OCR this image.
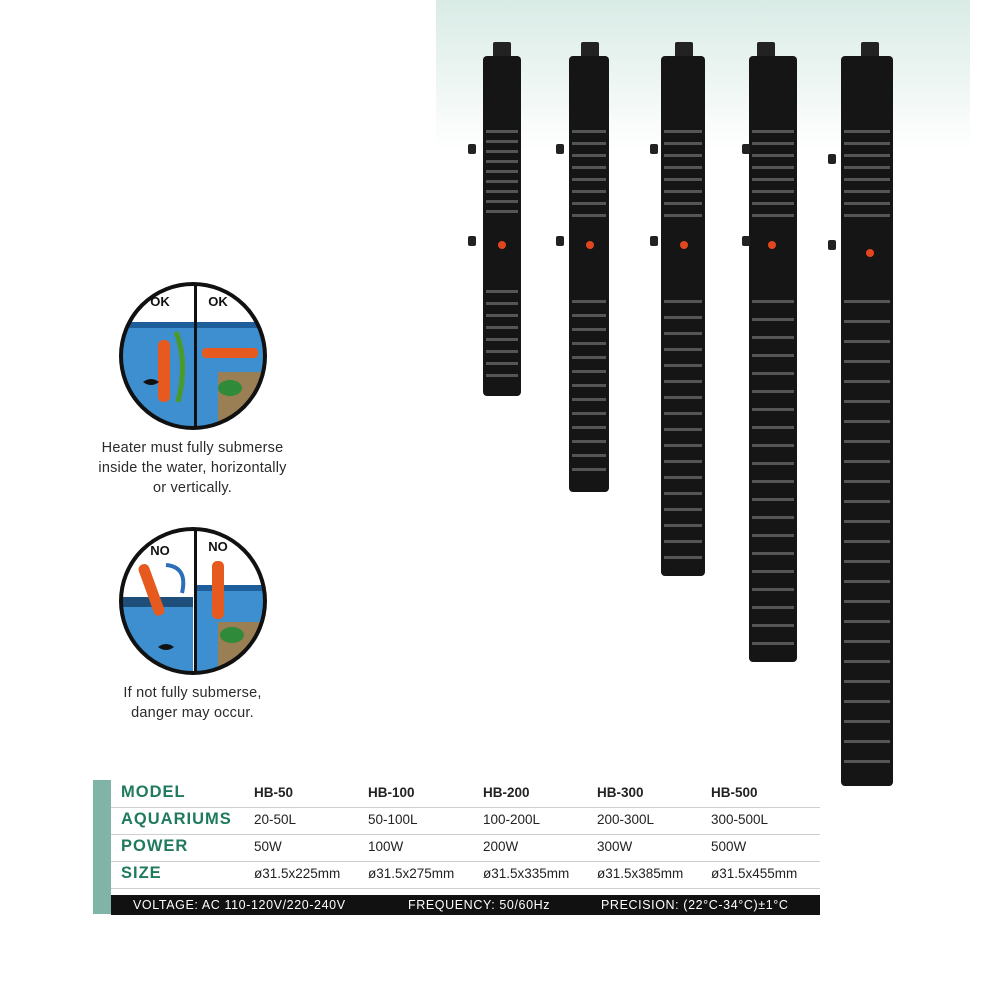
OK	OK
Heater must fully submerse
inside the water, horizontally
or vertically.
NO	NO
If not fully submerse,
danger may occur.
MODEL	HB-50	HB-100	HB-200	HB-300	HB-500
AQUARIUMS 20-50L	50-100L	100-200L	200-300L	300-500L
POWER	50W	100W	200W	300W	500W
SIZE	ø31.5x225mm ø31.5x275mm ø31.5x335mm ø31.5x385mm ø31.5x455mm
VOLTAGE: AC 110-120V/220-240V	FREQUENCY: 50/60Hz	PRECISION: (22°C-34°C)±1°C
